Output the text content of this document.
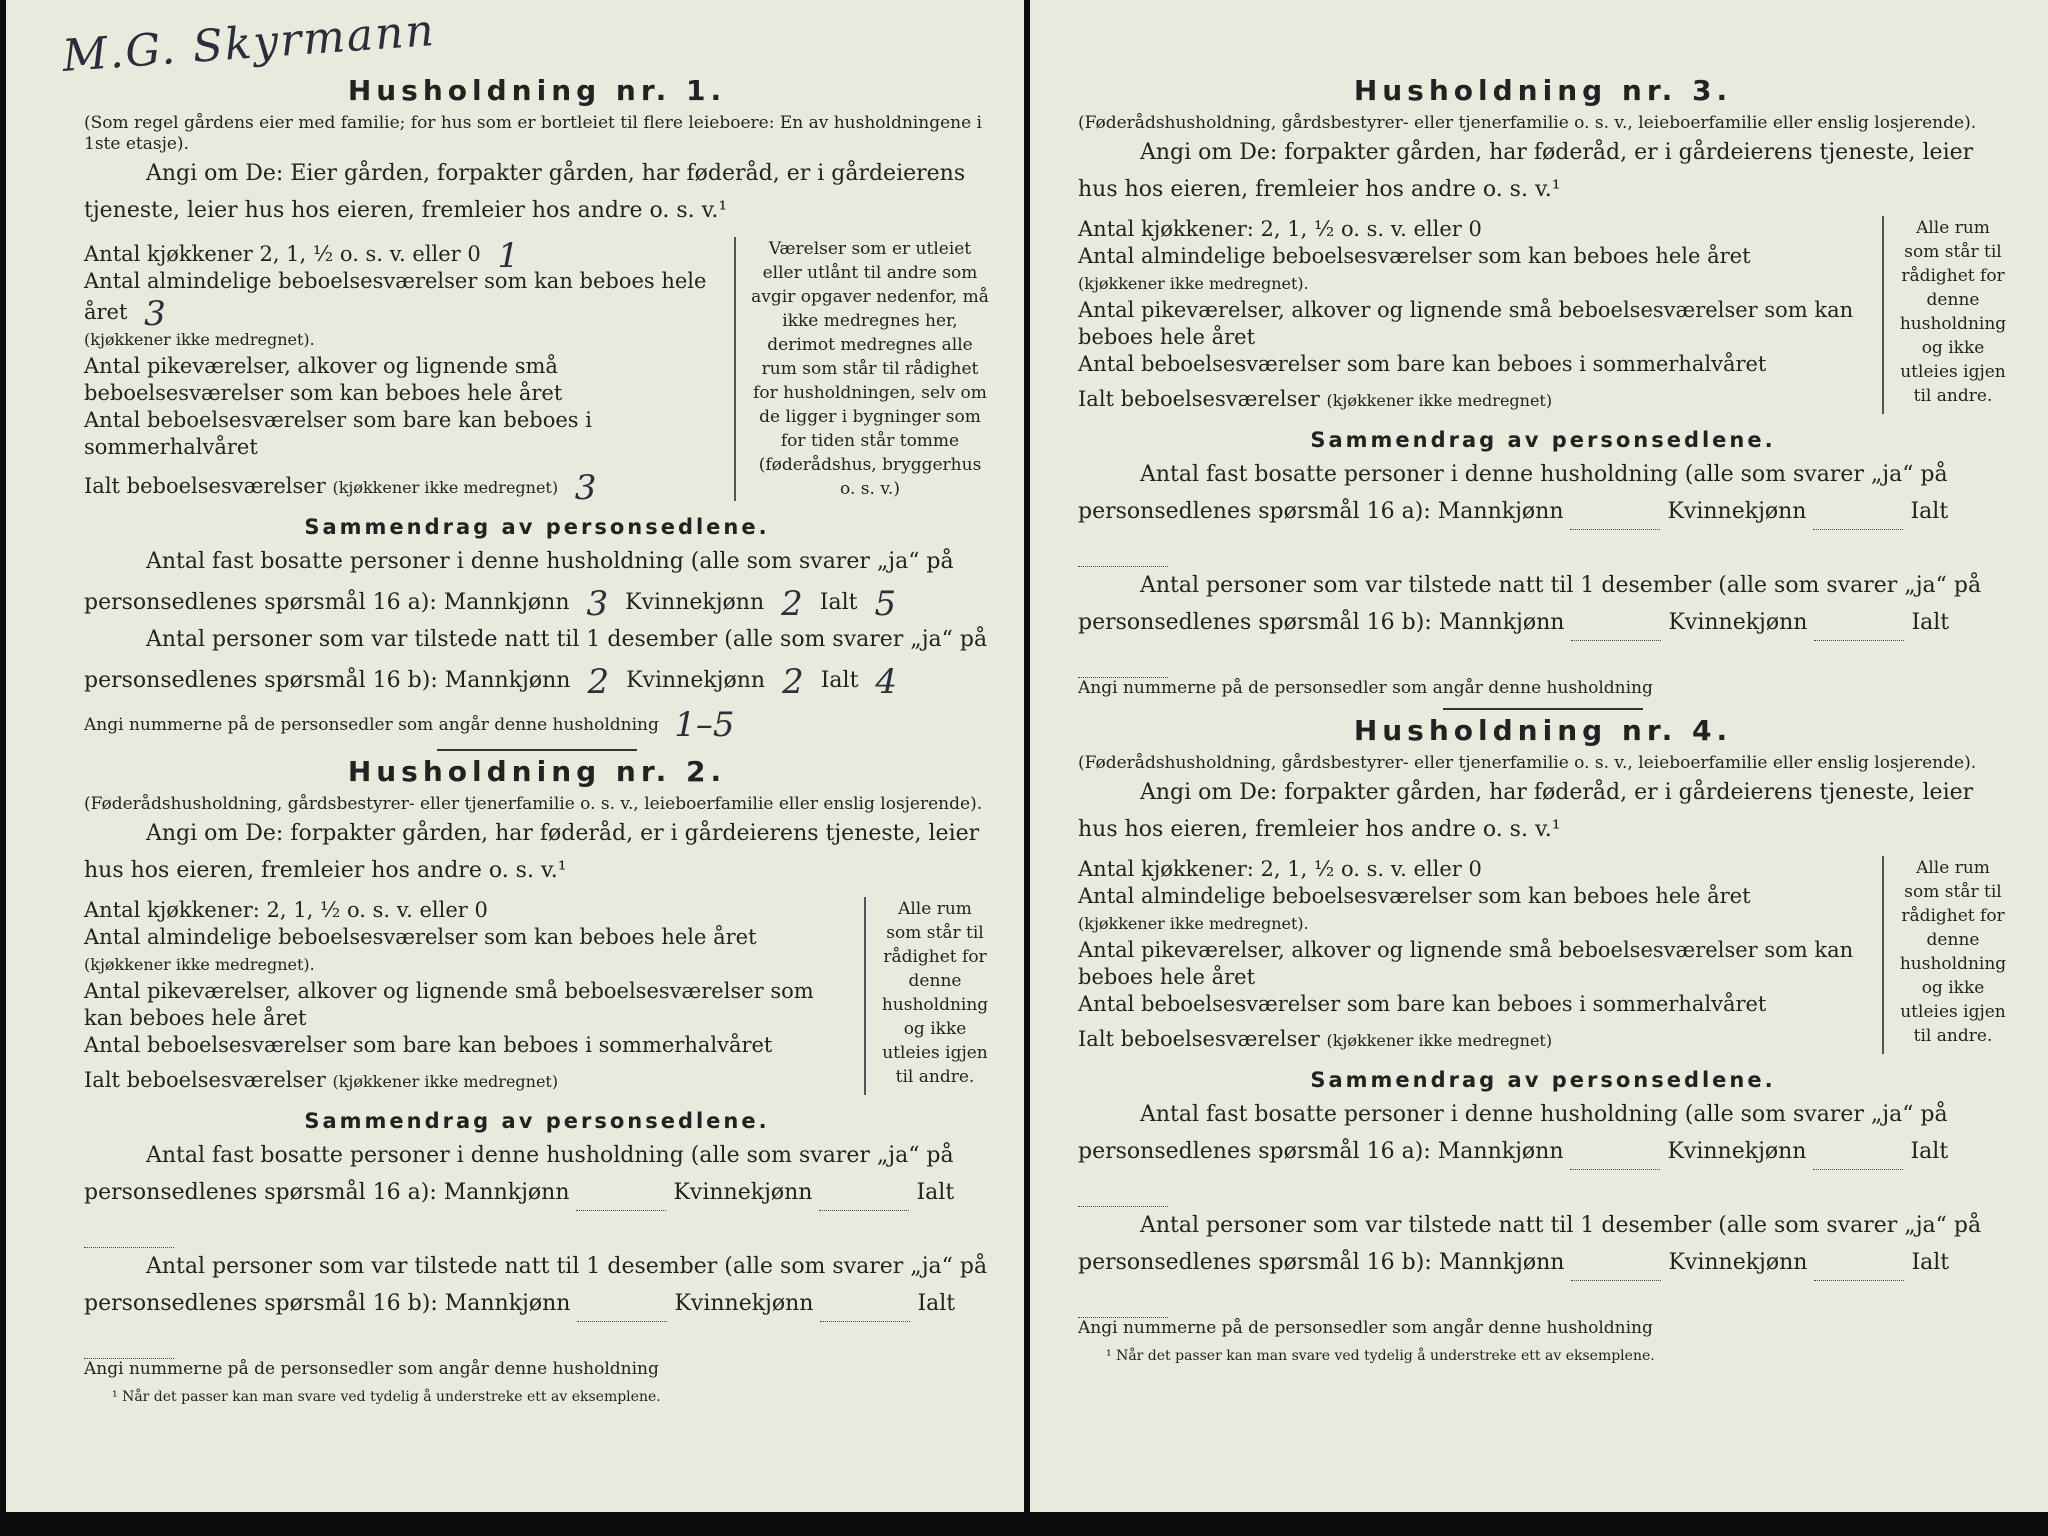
M.G. Skyrmann
Husholdning nr. 1.
(Som regel gårdens eier med familie; for hus som er bortleiet til flere leieboere: En av husholdningene i 1ste etasje).
Angi om De: Eier gården, forpakter gården, har føderåd, er i gårdeierens tjeneste, leier hus hos eieren, fremleier hos andre o. s. v.¹
Antal kjøkkener 2, 1, ½ o. s. v. eller 0 1
Antal almindelige beboelsesværelser som kan beboes hele året 3
(kjøkkener ikke medregnet).
Antal pikeværelser, alkover og lignende små beboelsesværelser som kan beboes hele året
Antal beboelsesværelser som bare kan beboes i sommerhalvåret
Ialt beboelsesværelser (kjøkkener ikke medregnet) 3
Værelser som er utleiet eller utlånt til andre som avgir opgaver nedenfor, må ikke medregnes her, derimot medregnes alle rum som står til rådighet for husholdningen, selv om de ligger i bygninger som for tiden står tomme (føderådshus, bryggerhus o. s. v.)
Sammendrag av personsedlene.
Antal fast bosatte personer i denne husholdning (alle som svarer „ja“ på personsedlenes spørsmål 16 a): Mannkjønn 3 Kvinnekjønn 2 Ialt 5
Antal personer som var tilstede natt til 1 desember (alle som svarer „ja“ på personsedlenes spørsmål 16 b): Mannkjønn 2 Kvinnekjønn 2 Ialt 4
Angi nummerne på de personsedler som angår denne husholdning 1–5
Husholdning nr. 2.
(Føderådshusholdning, gårdsbestyrer- eller tjenerfamilie o. s. v., leieboerfamilie eller enslig losjerende).
Angi om De: forpakter gården, har føderåd, er i gårdeierens tjeneste, leier hus hos eieren, fremleier hos andre o. s. v.¹
Antal kjøkkener: 2, 1, ½ o. s. v. eller 0
Antal almindelige beboelsesværelser som kan beboes hele året
(kjøkkener ikke medregnet).
Antal pikeværelser, alkover og lignende små beboelsesværelser som kan beboes hele året
Antal beboelsesværelser som bare kan beboes i sommerhalvåret
Ialt beboelsesværelser (kjøkkener ikke medregnet)
Alle rum som står til rådighet for denne husholdning og ikke utleies igjen til andre.
Sammendrag av personsedlene.
Antal fast bosatte personer i denne husholdning (alle som svarer „ja“ på personsedlenes spørsmål 16 a): Mannkjønn	Kvinnekjønn	Ialt
Antal personer som var tilstede natt til 1 desember (alle som svarer „ja“ på personsedlenes spørsmål 16 b): Mannkjønn	Kvinnekjønn	Ialt
Angi nummerne på de personsedler som angår denne husholdning
¹ Når det passer kan man svare ved tydelig å understreke ett av eksemplene.
Husholdning nr. 3.
(Føderådshusholdning, gårdsbestyrer- eller tjenerfamilie o. s. v., leieboerfamilie eller enslig losjerende).
Angi om De: forpakter gården, har føderåd, er i gårdeierens tjeneste, leier hus hos eieren, fremleier hos andre o. s. v.¹
Antal kjøkkener: 2, 1, ½ o. s. v. eller 0
Antal almindelige beboelsesværelser som kan beboes hele året
(kjøkkener ikke medregnet).
Antal pikeværelser, alkover og lignende små beboelsesværelser som kan beboes hele året
Antal beboelsesværelser som bare kan beboes i sommerhalvåret
Ialt beboelsesværelser (kjøkkener ikke medregnet)
Alle rum som står til rådighet for denne husholdning og ikke utleies igjen til andre.
Sammendrag av personsedlene.
Antal fast bosatte personer i denne husholdning (alle som svarer „ja“ på personsedlenes spørsmål 16 a): Mannkjønn	Kvinnekjønn	Ialt
Antal personer som var tilstede natt til 1 desember (alle som svarer „ja“ på personsedlenes spørsmål 16 b): Mannkjønn	Kvinnekjønn	Ialt
Angi nummerne på de personsedler som angår denne husholdning
Husholdning nr. 4.
(Føderådshusholdning, gårdsbestyrer- eller tjenerfamilie o. s. v., leieboerfamilie eller enslig losjerende).
Angi om De: forpakter gården, har føderåd, er i gårdeierens tjeneste, leier hus hos eieren, fremleier hos andre o. s. v.¹
Antal kjøkkener: 2, 1, ½ o. s. v. eller 0
Antal almindelige beboelsesværelser som kan beboes hele året
(kjøkkener ikke medregnet).
Antal pikeværelser, alkover og lignende små beboelsesværelser som kan beboes hele året
Antal beboelsesværelser som bare kan beboes i sommerhalvåret
Ialt beboelsesværelser (kjøkkener ikke medregnet)
Alle rum som står til rådighet for denne husholdning og ikke utleies igjen til andre.
Sammendrag av personsedlene.
Antal fast bosatte personer i denne husholdning (alle som svarer „ja“ på personsedlenes spørsmål 16 a): Mannkjønn	Kvinnekjønn	Ialt
Antal personer som var tilstede natt til 1 desember (alle som svarer „ja“ på personsedlenes spørsmål 16 b): Mannkjønn	Kvinnekjønn	Ialt
Angi nummerne på de personsedler som angår denne husholdning
¹ Når det passer kan man svare ved tydelig å understreke ett av eksemplene.
